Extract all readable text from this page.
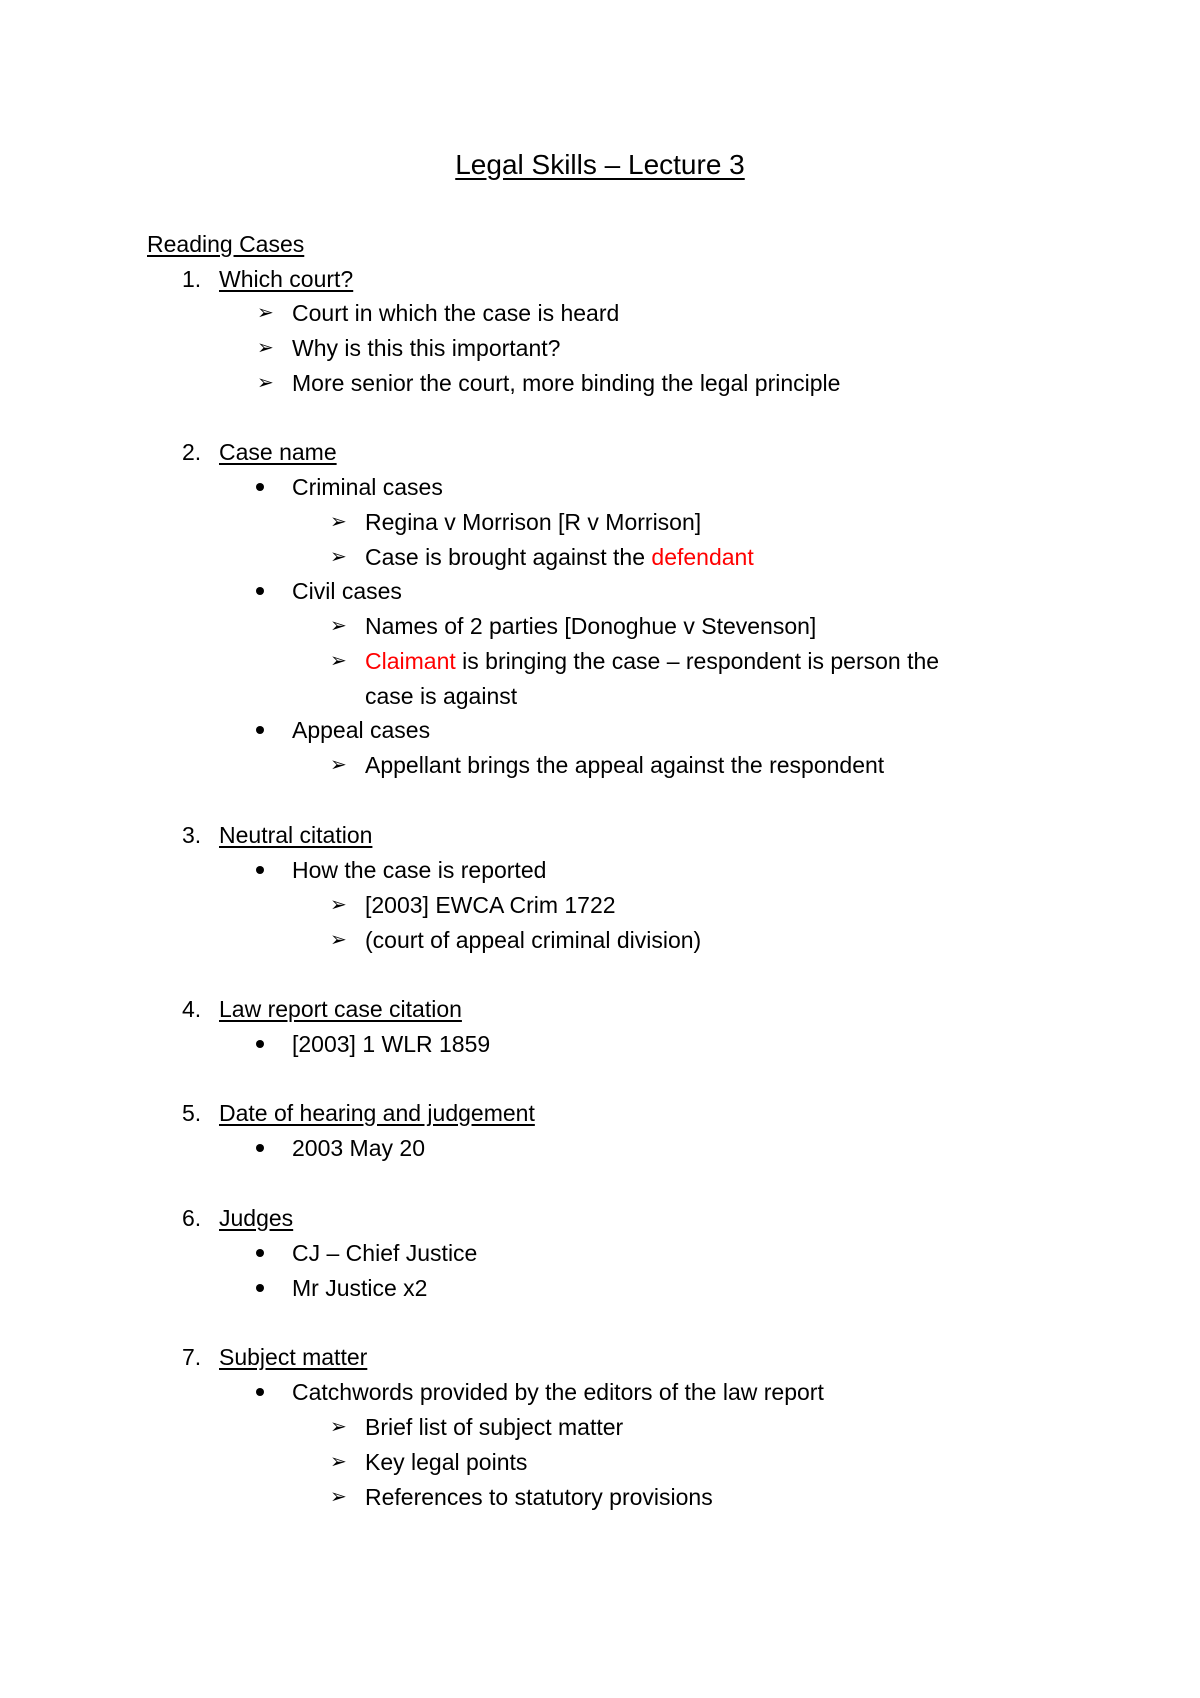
Legal Skills – Lecture 3
Reading Cases
1. Which court?
➢ Court in which the case is heard
➢ Why is this this important?
➢ More senior the court, more binding the legal principle
2. Case name
Criminal cases
➢ Regina v Morrison [R v Morrison]
➢ Case is brought against the defendant
Civil cases
➢ Names of 2 parties [Donoghue v Stevenson]
➢ Claimant is bringing the case – respondent is person the
case is against
Appeal cases
➢ Appellant brings the appeal against the respondent
3. Neutral citation
How the case is reported
➢ [2003] EWCA Crim 1722
➢ (court of appeal criminal division)
4. Law report case citation
[2003] 1 WLR 1859
5. Date of hearing and judgement
2003 May 20
6. Judges
CJ – Chief Justice
Mr Justice x2
7. Subject matter
Catchwords provided by the editors of the law report
➢ Brief list of subject matter
➢ Key legal points
➢ References to statutory provisions
